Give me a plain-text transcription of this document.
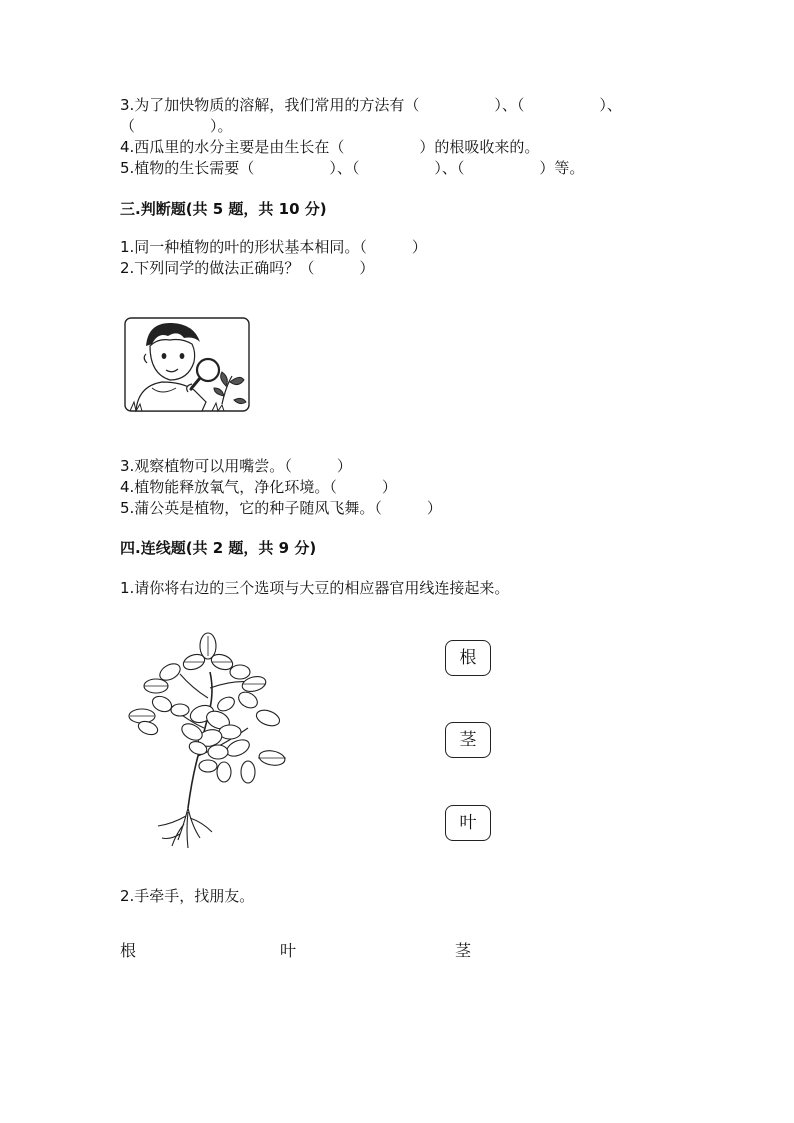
3.为了加快物质的溶解，我们常用的方法有（　　　　　）、（　　　　　）、
（　　　　　）。
4.西瓜里的水分主要是由生长在（　　　　　）的根吸收来的。
5.植物的生长需要（　　　　　）、（　　　　　）、（　　　　　）等。
三.判断题(共 5 题，共 10 分)
1.同一种植物的叶的形状基本相同。（　　　）
2.下列同学的做法正确吗？（　　　）
3.观察植物可以用嘴尝。（　　　）
4.植物能释放氧气，净化环境。（　　　）
5.蒲公英是植物，它的种子随风飞舞。（　　　）
四.连线题(共 2 题，共 9 分)
1.请你将右边的三个选项与大豆的相应器官用线连接起来。
根
茎
叶
2.手牵手，找朋友。
根	叶	茎
